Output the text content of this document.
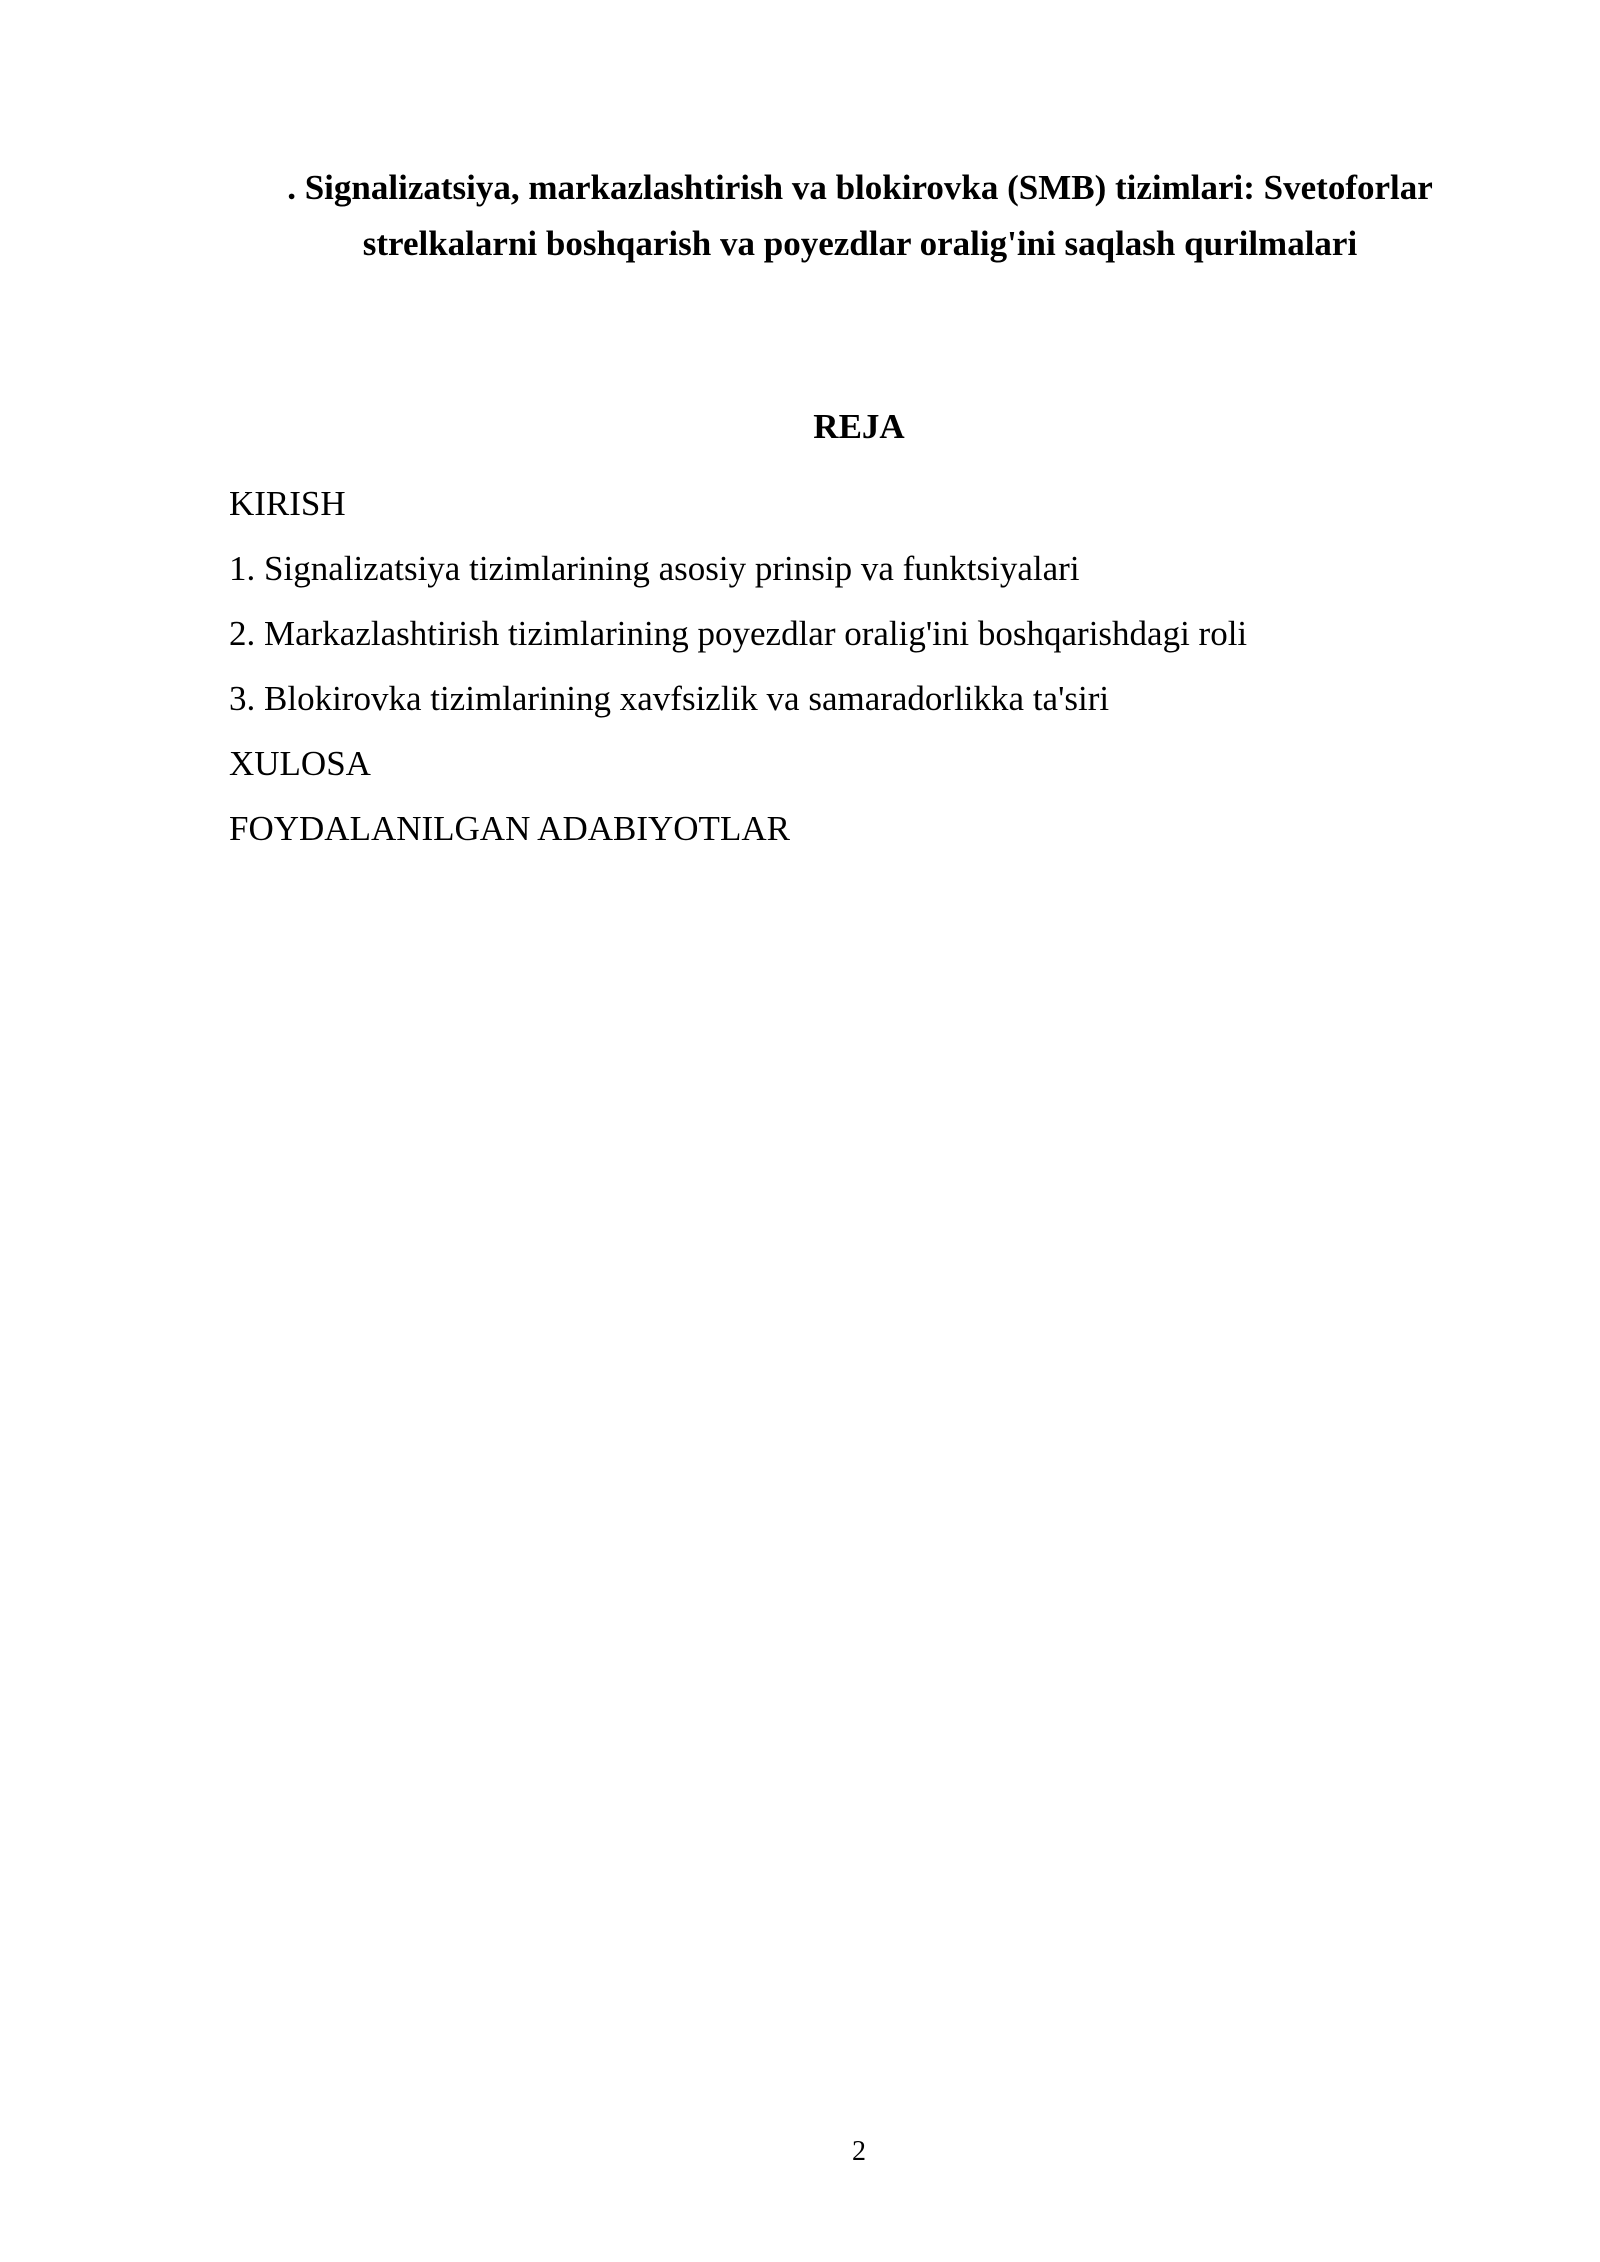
. Signalizatsiya, markazlashtirish va blokirovka (SMB) tizimlari: Svetoforlar
strelkalarni boshqarish va poyezdlar oralig'ini saqlash qurilmalari
REJA
KIRISH
1. Signalizatsiya tizimlarining asosiy prinsip va funktsiyalari
2. Markazlashtirish tizimlarining poyezdlar oralig'ini boshqarishdagi roli
3. Blokirovka tizimlarining xavfsizlik va samaradorlikka ta'siri
XULOSA
FOYDALANILGAN ADABIYOTLAR
2
